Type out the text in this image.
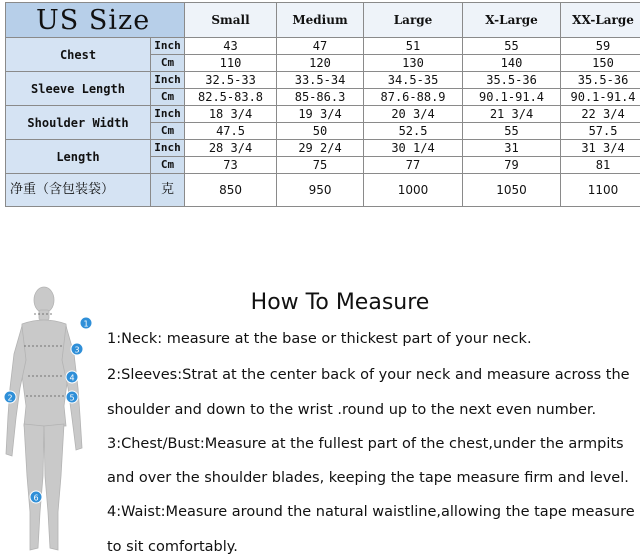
US Size		Small	Medium	Large	X-Large	XX-Large
Chest	Inch	43	47	51	55	59
	Cm	110	120	130	140	150
Sleeve Length	Inch	32.5-33	33.5-34	34.5-35	35.5-36	35.5-36
	Cm	82.5-83.8	85-86.3	87.6-88.9	90.1-91.4	90.1-91.4
Shoulder Width	Inch	18 3/4	19 3/4	20 3/4	21 3/4	22 3/4
	Cm	47.5	50	52.5	55	57.5
Length	Inch	28 3/4	29 2/4	30 1/4	31	31 3/4
	Cm	73	75	77	79	81
净重（含包装袋）	克	850	950	1000	1050	1100
1
3
4
2	5
6
How To Measure
1:Neck: measure at the base or thickest part of your neck.
2:Sleeves:Strat at the center back of your neck and measure across the
shoulder and down to the wrist .round up to the next even number.
3:Chest/Bust:Measure at the fullest part of the chest,under the armpits
and over the shoulder blades, keeping the tape measure firm and level.
4:Waist:Measure around the natural waistline,allowing the tape measure
to sit comfortably.
